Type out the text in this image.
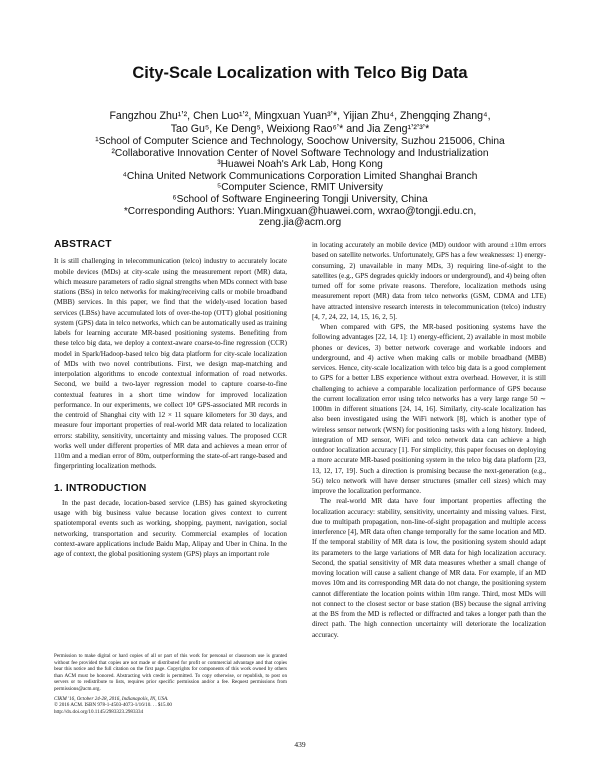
City-Scale Localization with Telco Big Data
Fangzhou Zhu¹ʼ², Chen Luo¹ʼ², Mingxuan Yuan³ʼ*, Yijian Zhu⁴, Zhengqing Zhang⁴,
Tao Gu⁵, Ke Deng⁵, Weixiong Rao⁶ʼ* and Jia Zeng¹ʼ²ʼ³ʼ*
¹School of Computer Science and Technology, Soochow University, Suzhou 215006, China
²Collaborative Innovation Center of Novel Software Technology and Industrialization
³Huawei Noah's Ark Lab, Hong Kong
⁴China United Network Communications Corporation Limited Shanghai Branch
⁵Computer Science, RMIT University
⁶School of Software Engineering Tongji University, China
*Corresponding Authors: Yuan.Mingxuan@huawei.com, wxrao@tongji.edu.cn,
zeng.jia@acm.org
ABSTRACT

It is still challenging in telecommunication (telco) industry to accurately locate mobile devices (MDs) at city-scale using the measurement report (MR) data, which measure parameters of radio signal strengths when MDs connect with base stations (BSs) in telco networks for making/receiving calls or mobile broadband (MBB) services. In this paper, we find that the widely-used location based services (LBSs) have accumulated lots of over-the-top (OTT) global positioning system (GPS) data in telco networks, which can be automatically used as training labels for learning accurate MR-based positioning systems. Benefiting from these telco big data, we deploy a context-aware coarse-to-fine regression (CCR) model in Spark/Hadoop-based telco big data platform for city-scale localization of MDs with two novel contributions. First, we design map-matching and interpolation algorithms to encode contextual information of road networks. Second, we build a two-layer regression model to capture coarse-to-fine contextual features in a short time window for improved localization performance. In our experiments, we collect 10⁸ GPS-associated MR records in the centroid of Shanghai city with 12 × 11 square kilometers for 30 days, and measure four important properties of real-world MR data related to localization errors: stability, sensitivity, uncertainty and missing values. The proposed CCR works well under different properties of MR data and achieves a mean error of 110m and a median error of 80m, outperforming the state-of-art range-based and fingerprinting localization methods.

1. INTRODUCTION

In the past decade, location-based service (LBS) has gained skyrocketing usage with big business value because location gives context to current spatiotemporal events such as working, shopping, payment, navigation, social networking, transportation and security. Commercial examples of location context-aware applications include Baidu Map, Alipay and Uber in China. In the age of context, the global positioning system (GPS) plays an important role

Permission to make digital or hard copies of all or part of this work for personal or classroom use is granted without fee provided that copies are not made or distributed for profit or commercial advantage and that copies bear this notice and the full citation on the first page. Copyrights for components of this work owned by others than ACM must be honored. Abstracting with credit is permitted. To copy otherwise, or republish, to post on servers or to redistribute to lists, requires prior specific permission and/or a fee. Request permissions from permissions@acm.org.
CIKM '16, October 24-28, 2016, Indianapolis, IN, USA.
© 2016 ACM. ISBN 978-1-4503-4073-1/16/10. . . $15.00
http://dx.doi.org/10.1145/2983323.2983334

in locating accurately an mobile device (MD) outdoor with around ±10m errors based on satellite networks. Unfortunately, GPS has a few weaknesses: 1) energy-consuming, 2) unavailable in many MDs, 3) requiring line-of-sight to the satellites (e.g., GPS degrades quickly indoors or underground), and 4) being often turned off for some private reasons. Therefore, localization methods using measurement report (MR) data from telco networks (GSM, CDMA and LTE) have attracted intensive research interests in telecommunication (telco) industry [4, 7, 24, 22, 14, 15, 16, 2, 5].

When compared with GPS, the MR-based positioning systems have the following advantages [22, 14, 1]: 1) energy-efficient, 2) available in most mobile phones or devices, 3) better network coverage and workable indoors and underground, and 4) active when making calls or mobile broadband (MBB) services. Hence, city-scale localization with telco big data is a good complement to GPS for a better LBS experience without extra overhead. However, it is still challenging to achieve a comparable localization performance of GPS because the current localization error using telco networks has a very large range 50 ∼ 1000m in different situations [24, 14, 16]. Similarly, city-scale localization has also been investigated using the WiFi network [8], which is another type of wireless sensor network (WSN) for positioning tasks with a long history. Indeed, integration of MD sensor, WiFi and telco network data can achieve a high outdoor localization accuracy [1]. For simplicity, this paper focuses on deploying a more accurate MR-based positioning system in the telco big data platform [23, 13, 12, 17, 19]. Such a direction is promising because the next-generation (e.g., 5G) telco network will have denser structures (smaller cell sizes) which may improve the localization performance.

The real-world MR data have four important properties affecting the localization accuracy: stability, sensitivity, uncertainty and missing values. First, due to multipath propagation, non-line-of-sight propagation and multiple access interference [4], MR data often change temporally for the same location and MD. If the temporal stability of MR data is low, the positioning system should adapt its parameters to the large variations of MR data for high localization accuracy. Second, the spatial sensitivity of MR data measures whether a small change of moving location will cause a salient change of MR data. For example, if an MD moves 10m and its corresponding MR data do not change, the positioning system cannot differentiate the location points within 10m range. Third, most MDs will not connect to the closest sector or base station (BS) because the signal arriving at the BS from the MD is reflected or diffracted and takes a longer path than the direct path. The high connection uncertainty will deteriorate the localization accuracy.

439
